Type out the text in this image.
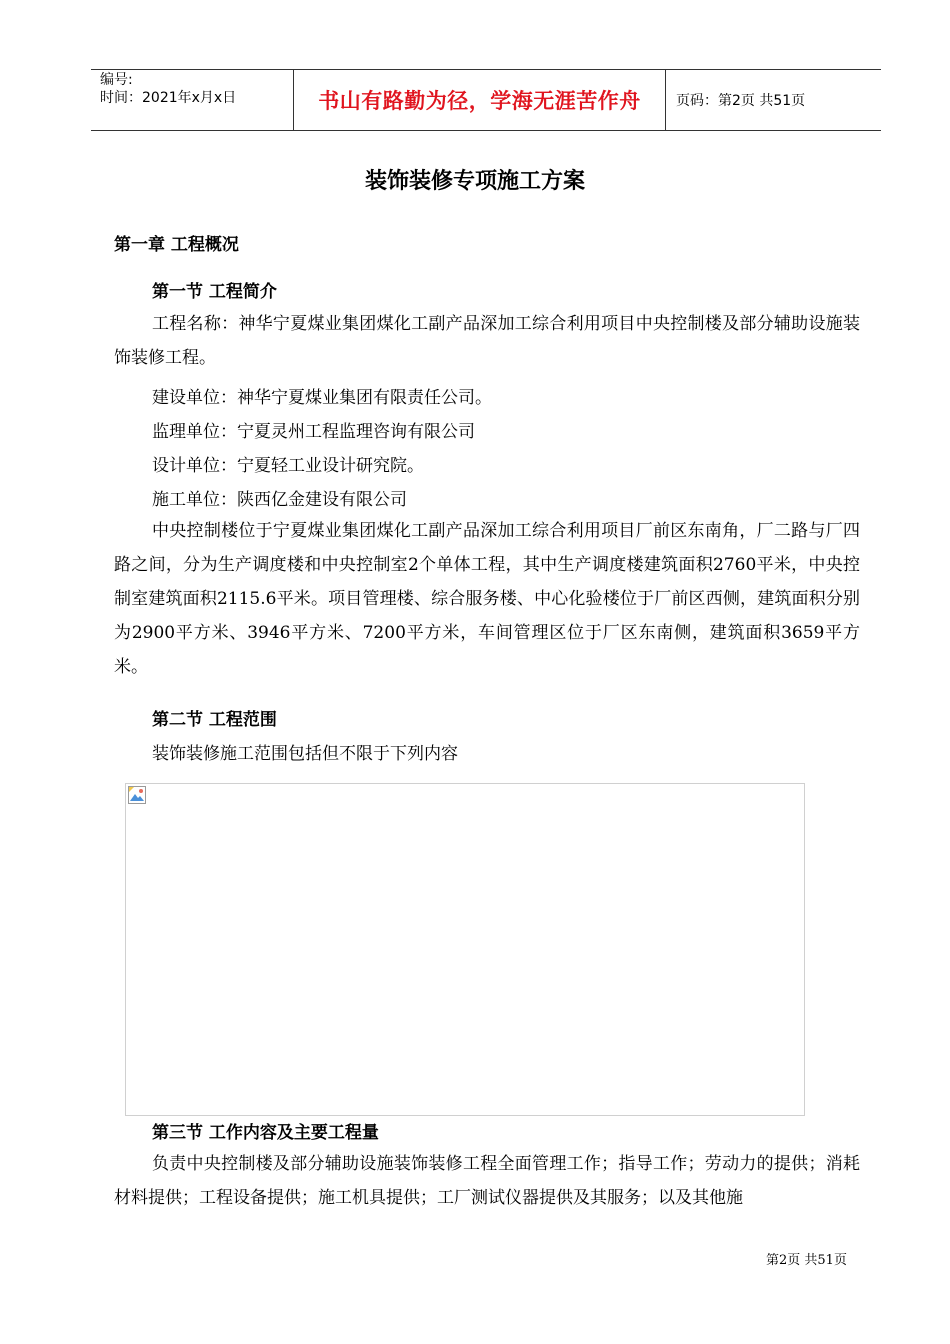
编号:
时间：2021年x月x日	书山有路勤为径，学海无涯苦作舟	页码：第2页 共51页
装饰装修专项施工方案
第一章 工程概况
第一节 工程简介

工程名称：神华宁夏煤业集团煤化工副产品深加工综合利用项目中央控制楼及部分辅助设施装饰装修工程。

建设单位：神华宁夏煤业集团有限责任公司。
监理单位：宁夏灵州工程监理咨询有限公司
设计单位：宁夏轻工业设计研究院。
施工单位：陕西亿金建设有限公司

中央控制楼位于宁夏煤业集团煤化工副产品深加工综合利用项目厂前区东南角，厂二路与厂四路之间，分为生产调度楼和中央控制室2个单体工程，其中生产调度楼建筑面积2760平米，中央控制室建筑面积2115.6平米。项目管理楼、综合服务楼、中心化验楼位于厂前区西侧，建筑面积分别为2900平方米、3946平方米、7200平方米，车间管理区位于厂区东南侧，建筑面积3659平方米。

第二节 工程范围
装饰装修施工范围包括但不限于下列内容
第三节 工作内容及主要工程量

负责中央控制楼及部分辅助设施装饰装修工程全面管理工作；指导工作；劳动力的提供；消耗材料提供；工程设备提供；施工机具提供；工厂测试仪器提供及其服务；以及其他施

第2页 共51页
